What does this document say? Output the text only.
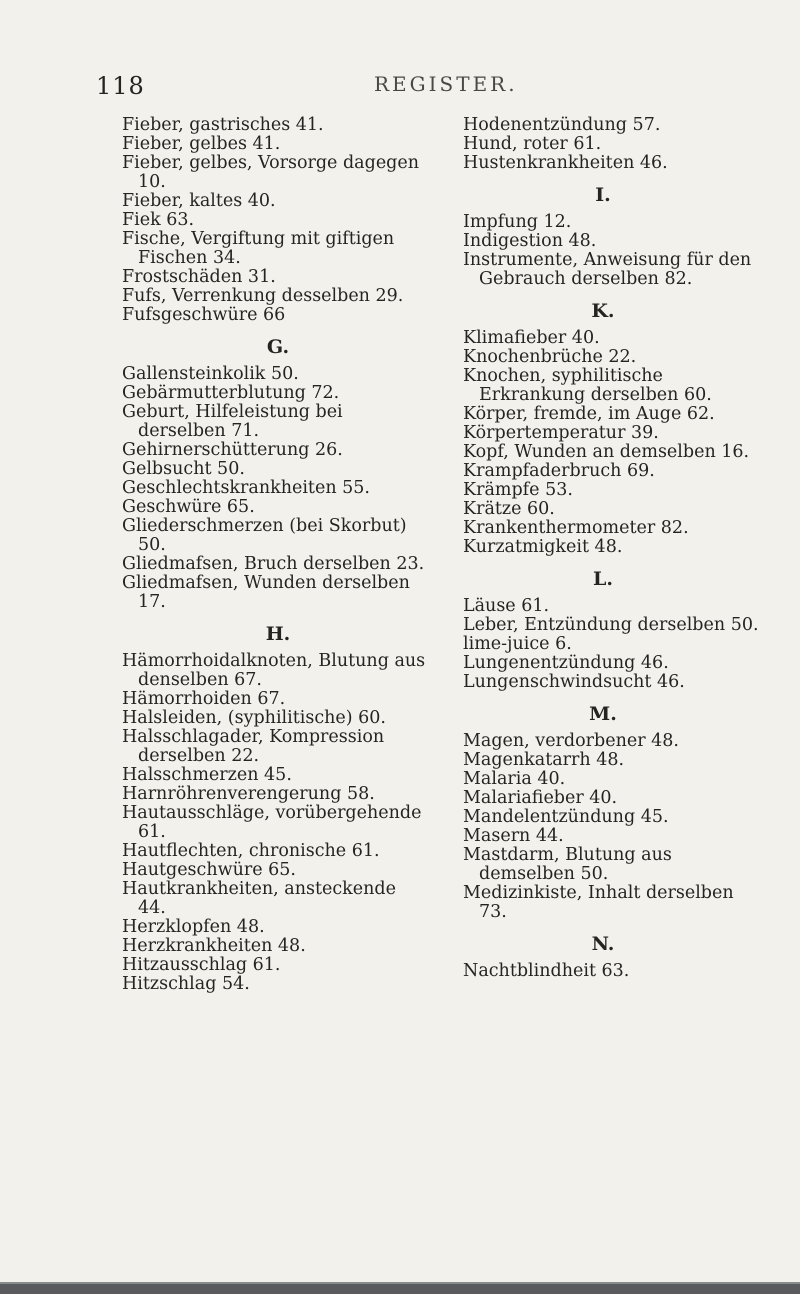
118	REGISTER.

Fieber, gastrisches 41.

Fieber, gelbes 41.

Fieber, gelbes, Vorsorge dagegen 10.

Fieber, kaltes 40.

Fiek 63.

Fische, Vergiftung mit giftigen Fischen 34.

Frostschäden 31.

Fufs, Verrenkung desselben 29.

Fufsgeschwüre 66

G.

Gallensteinkolik 50.

Gebärmutterblutung 72.

Geburt, Hilfeleistung bei derselben 71.

Gehirnerschütterung 26.

Gelbsucht 50.

Geschlechtskrankheiten 55.

Geschwüre 65.

Gliederschmerzen (bei Skorbut) 50.

Gliedmafsen, Bruch derselben 23.

Gliedmafsen, Wunden derselben 17.

H.

Hämorrhoidalknoten, Blutung aus denselben 67.

Hämorrhoiden 67.

Halsleiden, (syphilitische) 60.

Halsschlagader, Kompression derselben 22.

Halsschmerzen 45.

Harnröhrenverengerung 58.

Hautausschläge, vorübergehende 61.

Hautflechten, chronische 61.

Hautgeschwüre 65.

Hautkrankheiten, ansteckende 44.

Herzklopfen 48.

Herzkrankheiten 48.

Hitzausschlag 61.

Hitzschlag 54.

Hodenentzündung 57.

Hund, roter 61.

Hustenkrankheiten 46.

I.

Impfung 12.

Indigestion 48.

Instrumente, Anweisung für den Gebrauch derselben 82.

K.

Klimafieber 40.

Knochenbrüche 22.

Knochen, syphilitische Erkrankung derselben 60.

Körper, fremde, im Auge 62.

Körpertemperatur 39.

Kopf, Wunden an demselben 16.

Krampfaderbruch 69.

Krämpfe 53.

Krätze 60.

Krankenthermometer 82.

Kurzatmigkeit 48.

L.

Läuse 61.

Leber, Entzündung derselben 50.

lime-juice 6.

Lungenentzündung 46.

Lungenschwindsucht 46.

M.

Magen, verdorbener 48.

Magenkatarrh 48.

Malaria 40.

Malariafieber 40.

Mandelentzündung 45.

Masern 44.

Mastdarm, Blutung aus demselben 50.

Medizinkiste, Inhalt derselben 73.

N.

Nachtblindheit 63.
